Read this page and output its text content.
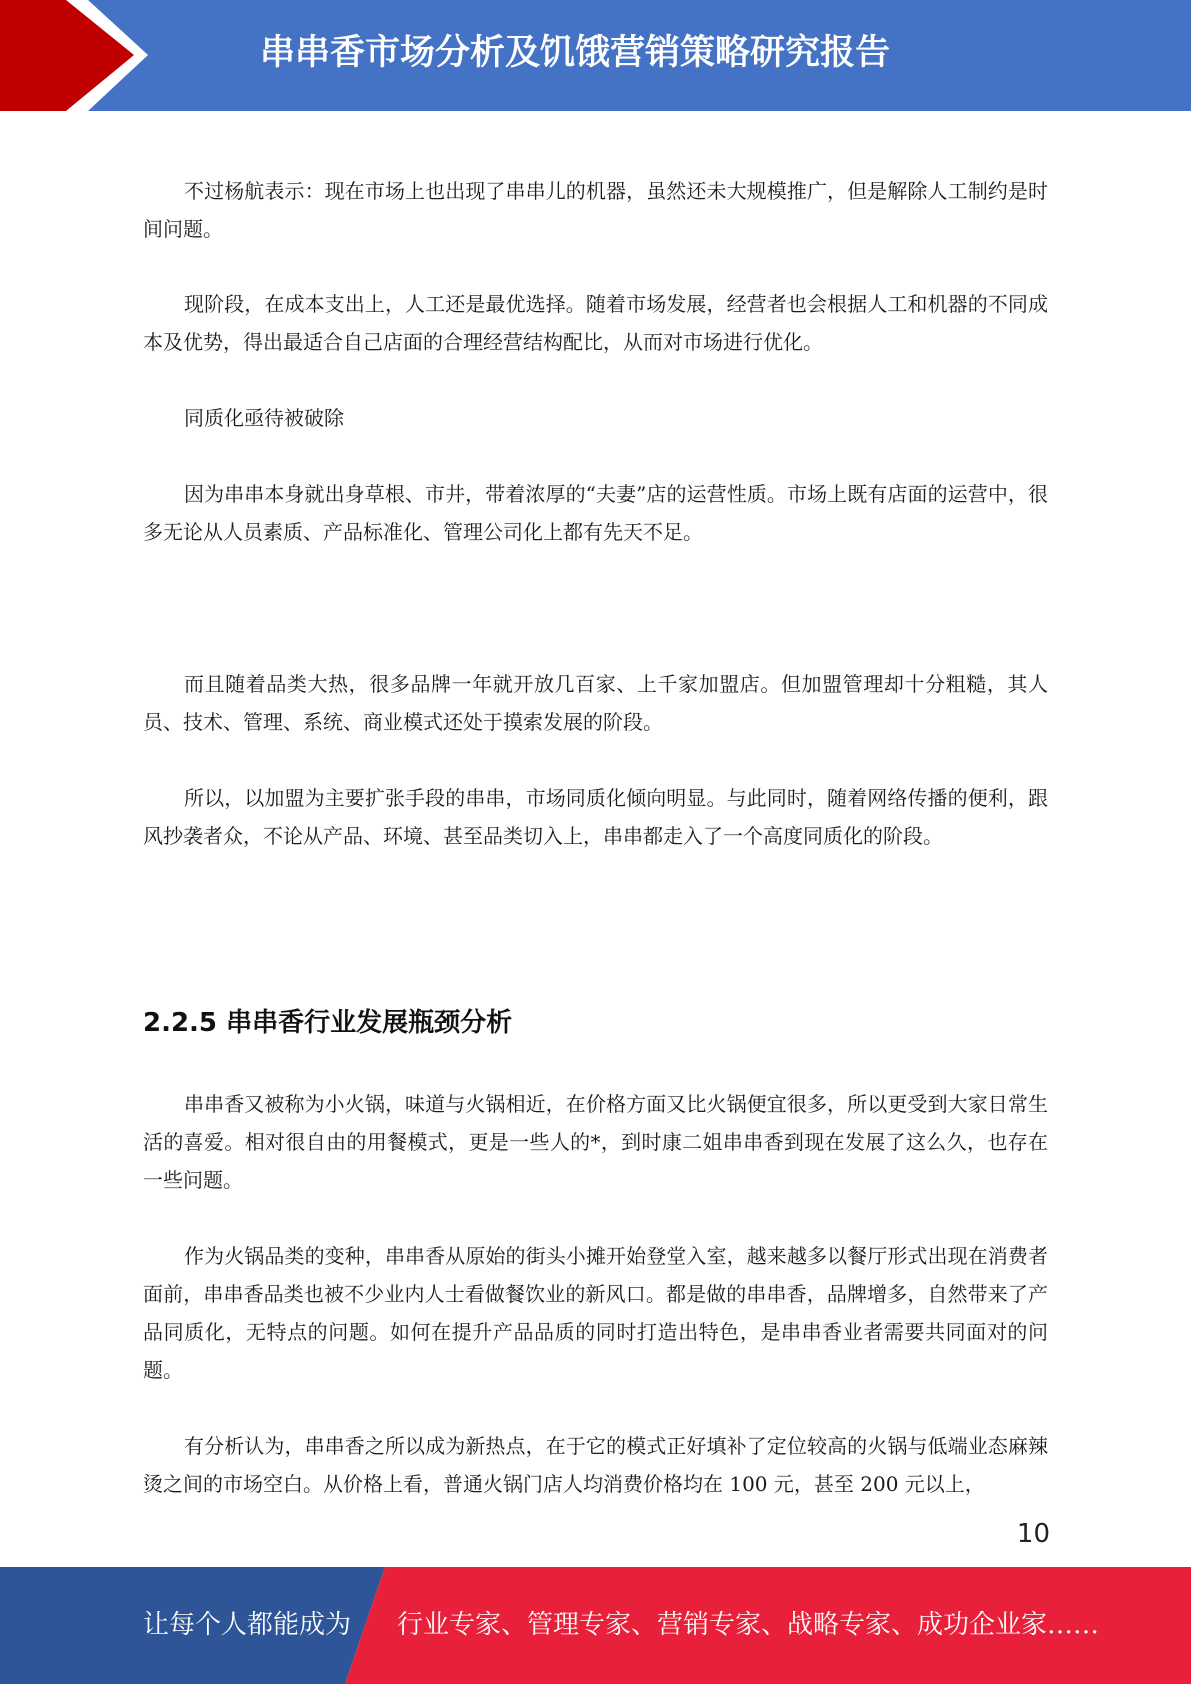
串串香市场分析及饥饿营销策略研究报告

不过杨航表示：现在市场上也出现了串串儿的机器，虽然还未大规模推广，但是解除人工制约是时间问题。

现阶段，在成本支出上，人工还是最优选择。随着市场发展，经营者也会根据人工和机器的不同成本及优势，得出最适合自己店面的合理经营结构配比，从而对市场进行优化。

同质化亟待被破除

因为串串本身就出身草根、市井，带着浓厚的“夫妻”店的运营性质。市场上既有店面的运营中，很多无论从人员素质、产品标准化、管理公司化上都有先天不足。

而且随着品类大热，很多品牌一年就开放几百家、上千家加盟店。但加盟管理却十分粗糙，其人员、技术、管理、系统、商业模式还处于摸索发展的阶段。

所以，以加盟为主要扩张手段的串串，市场同质化倾向明显。与此同时，随着网络传播的便利，跟风抄袭者众，不论从产品、环境、甚至品类切入上，串串都走入了一个高度同质化的阶段。

2.2.5 串串香行业发展瓶颈分析

串串香又被称为小火锅，味道与火锅相近，在价格方面又比火锅便宜很多，所以更受到大家日常生活的喜爱。相对很自由的用餐模式，更是一些人的*，到时康二姐串串香到现在发展了这么久，也存在一些问题。

作为火锅品类的变种，串串香从原始的街头小摊开始登堂入室，越来越多以餐厅形式出现在消费者面前，串串香品类也被不少业内人士看做餐饮业的新风口。都是做的串串香，品牌增多，自然带来了产品同质化，无特点的问题。如何在提升产品品质的同时打造出特色，是串串香业者需要共同面对的问题。

有分析认为，串串香之所以成为新热点，在于它的模式正好填补了定位较高的火锅与低端业态麻辣烫之间的市场空白。从价格上看，普通火锅门店人均消费价格均在 100 元，甚至 200 元以上，

10
让每个人都能成为 行业专家、管理专家、营销专家、战略专家、成功企业家……
